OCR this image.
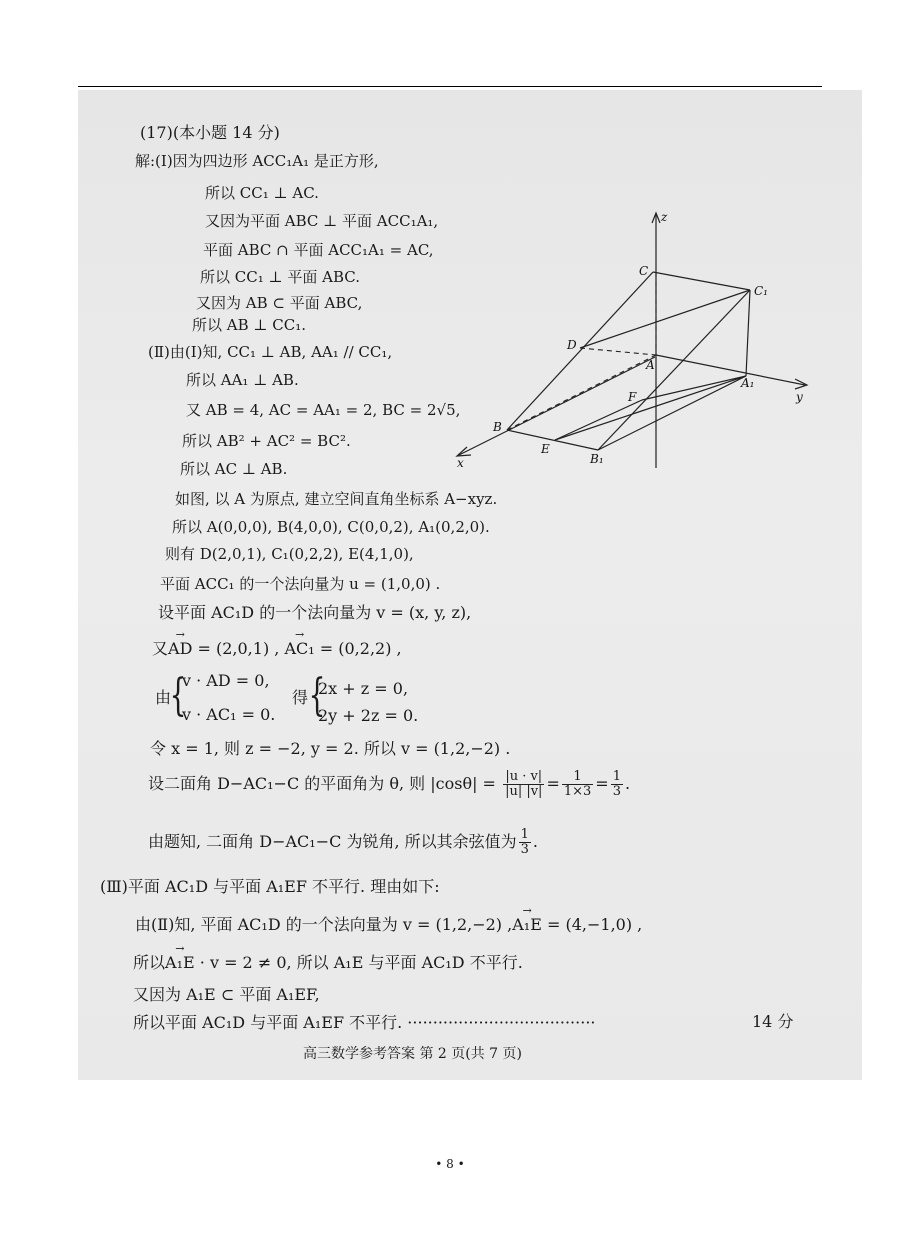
(17)(本小题 14 分)
解:(Ⅰ)因为四边形 ACC₁A₁ 是正方形,
所以 CC₁ ⊥ AC.
又因为平面 ABC ⊥ 平面 ACC₁A₁,
平面 ABC ∩ 平面 ACC₁A₁ = AC,
所以 CC₁ ⊥ 平面 ABC.
又因为 AB ⊂ 平面 ABC,
所以 AB ⊥ CC₁.
(Ⅱ)由(Ⅰ)知, CC₁ ⊥ AB, AA₁ // CC₁,
所以 AA₁ ⊥ AB.
又 AB = 4, AC = AA₁ = 2, BC = 2√5,
所以 AB² + AC² = BC².
所以 AC ⊥ AB.
如图, 以 A 为原点, 建立空间直角坐标系 A−xyz.
所以 A(0,0,0), B(4,0,0), C(0,0,2), A₁(0,2,0).
则有 D(2,0,1), C₁(0,2,2), E(4,1,0),
平面 ACC₁ 的一个法向量为 u = (1,0,0) .
设平面 AC₁D 的一个法向量为 v = (x, y, z),
又→ AD = (2,0,1) , → AC₁ = (0,2,2) ,
由
{
v · AD = 0,
v · AC₁ = 0.
得 {
2x + z = 0,
2y + 2z = 0.
令 x = 1, 则 z = −2, y = 2. 所以 v = (1,2,−2) .
设二面角 D−AC₁−C 的平面角为 θ, 则 $|\cos\theta| = \frac{|u \cdot v|}{|u| |v|} = \frac{1}{1\times 3} = \frac{1}{3}$ .
由题知, 二面角 D−AC₁−C 为锐角, 所以其余弦值为 $\frac{1}{3}$ .
(Ⅲ)平面 AC₁D 与平面 A₁EF 不平行. 理由如下:
由(Ⅱ)知, 平面 AC₁D 的一个法向量为 v = (1,2,−2) ,→ A₁E = (4,−1,0) ,
所以→ A₁E · v = 2 ≠ 0, 所以 A₁E 与平面 AC₁D 不平行.
又因为 A₁E ⊂ 平面 A₁EF,
所以平面 AC₁D 与平面 A₁EF 不平行. ·····································	14 分
高三数学参考答案 第 2 页(共 7 页)
z
y
x
C
C₁
D
A
A₁
F
B
E
B₁
• 8 •
